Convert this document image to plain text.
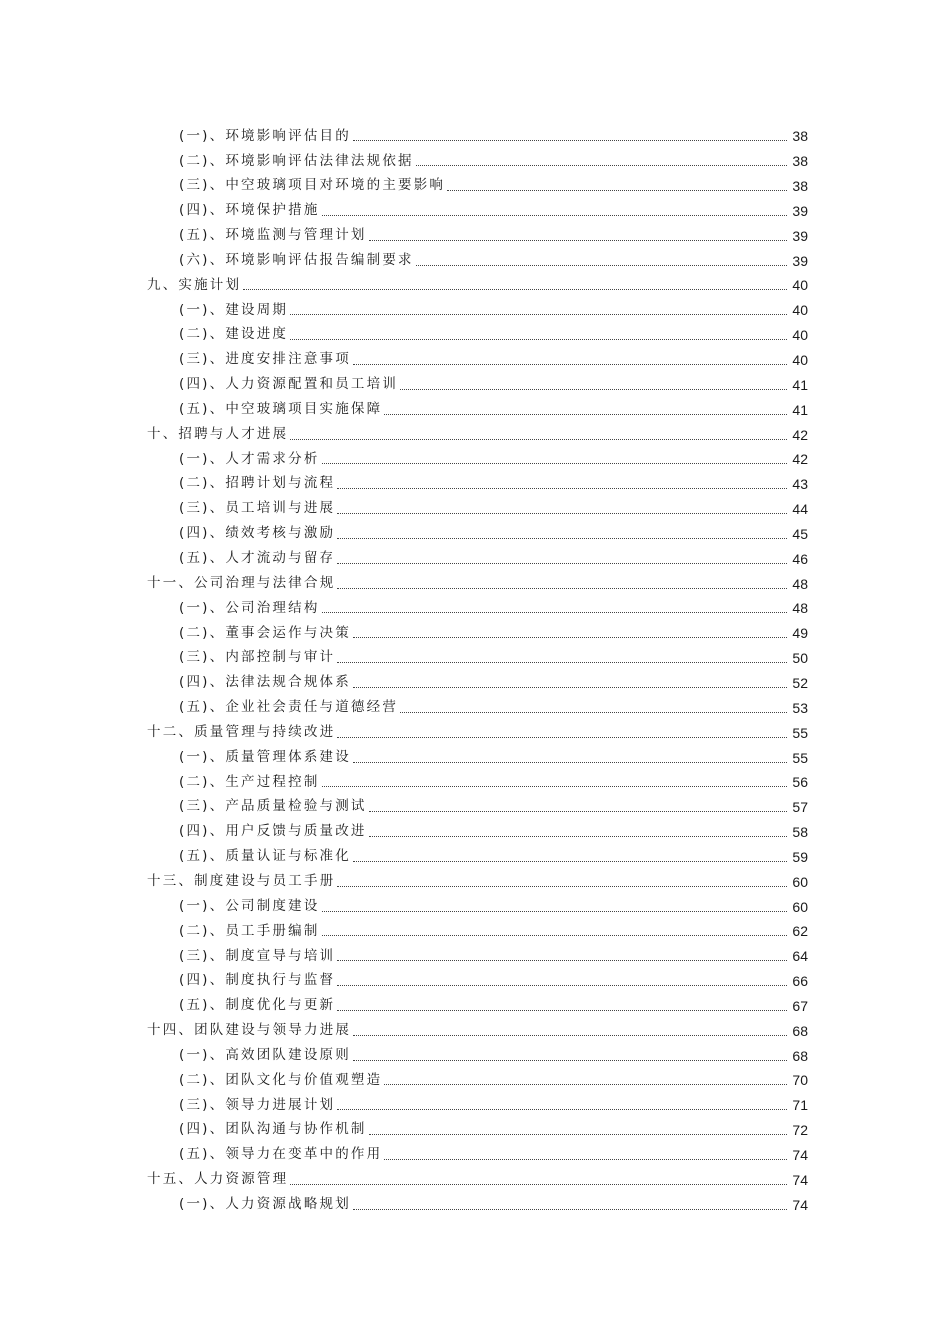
(一)、环境影响评估目的	38
(二)、环境影响评估法律法规依据	38
(三)、中空玻璃项目对环境的主要影响	38
(四)、环境保护措施	39
(五)、环境监测与管理计划	39
(六)、环境影响评估报告编制要求	39
九、实施计划	40
(一)、建设周期	40
(二)、建设进度	40
(三)、进度安排注意事项	40
(四)、人力资源配置和员工培训	41
(五)、中空玻璃项目实施保障	41
十、招聘与人才进展	42
(一)、人才需求分析	42
(二)、招聘计划与流程	43
(三)、员工培训与进展	44
(四)、绩效考核与激励	45
(五)、人才流动与留存	46
十一、公司治理与法律合规	48
(一)、公司治理结构	48
(二)、董事会运作与决策	49
(三)、内部控制与审计	50
(四)、法律法规合规体系	52
(五)、企业社会责任与道德经营	53
十二、质量管理与持续改进	55
(一)、质量管理体系建设	55
(二)、生产过程控制	56
(三)、产品质量检验与测试	57
(四)、用户反馈与质量改进	58
(五)、质量认证与标准化	59
十三、制度建设与员工手册	60
(一)、公司制度建设	60
(二)、员工手册编制	62
(三)、制度宣导与培训	64
(四)、制度执行与监督	66
(五)、制度优化与更新	67
十四、团队建设与领导力进展	68
(一)、高效团队建设原则	68
(二)、团队文化与价值观塑造	70
(三)、领导力进展计划	71
(四)、团队沟通与协作机制	72
(五)、领导力在变革中的作用	74
十五、人力资源管理	74
(一)、人力资源战略规划	74
